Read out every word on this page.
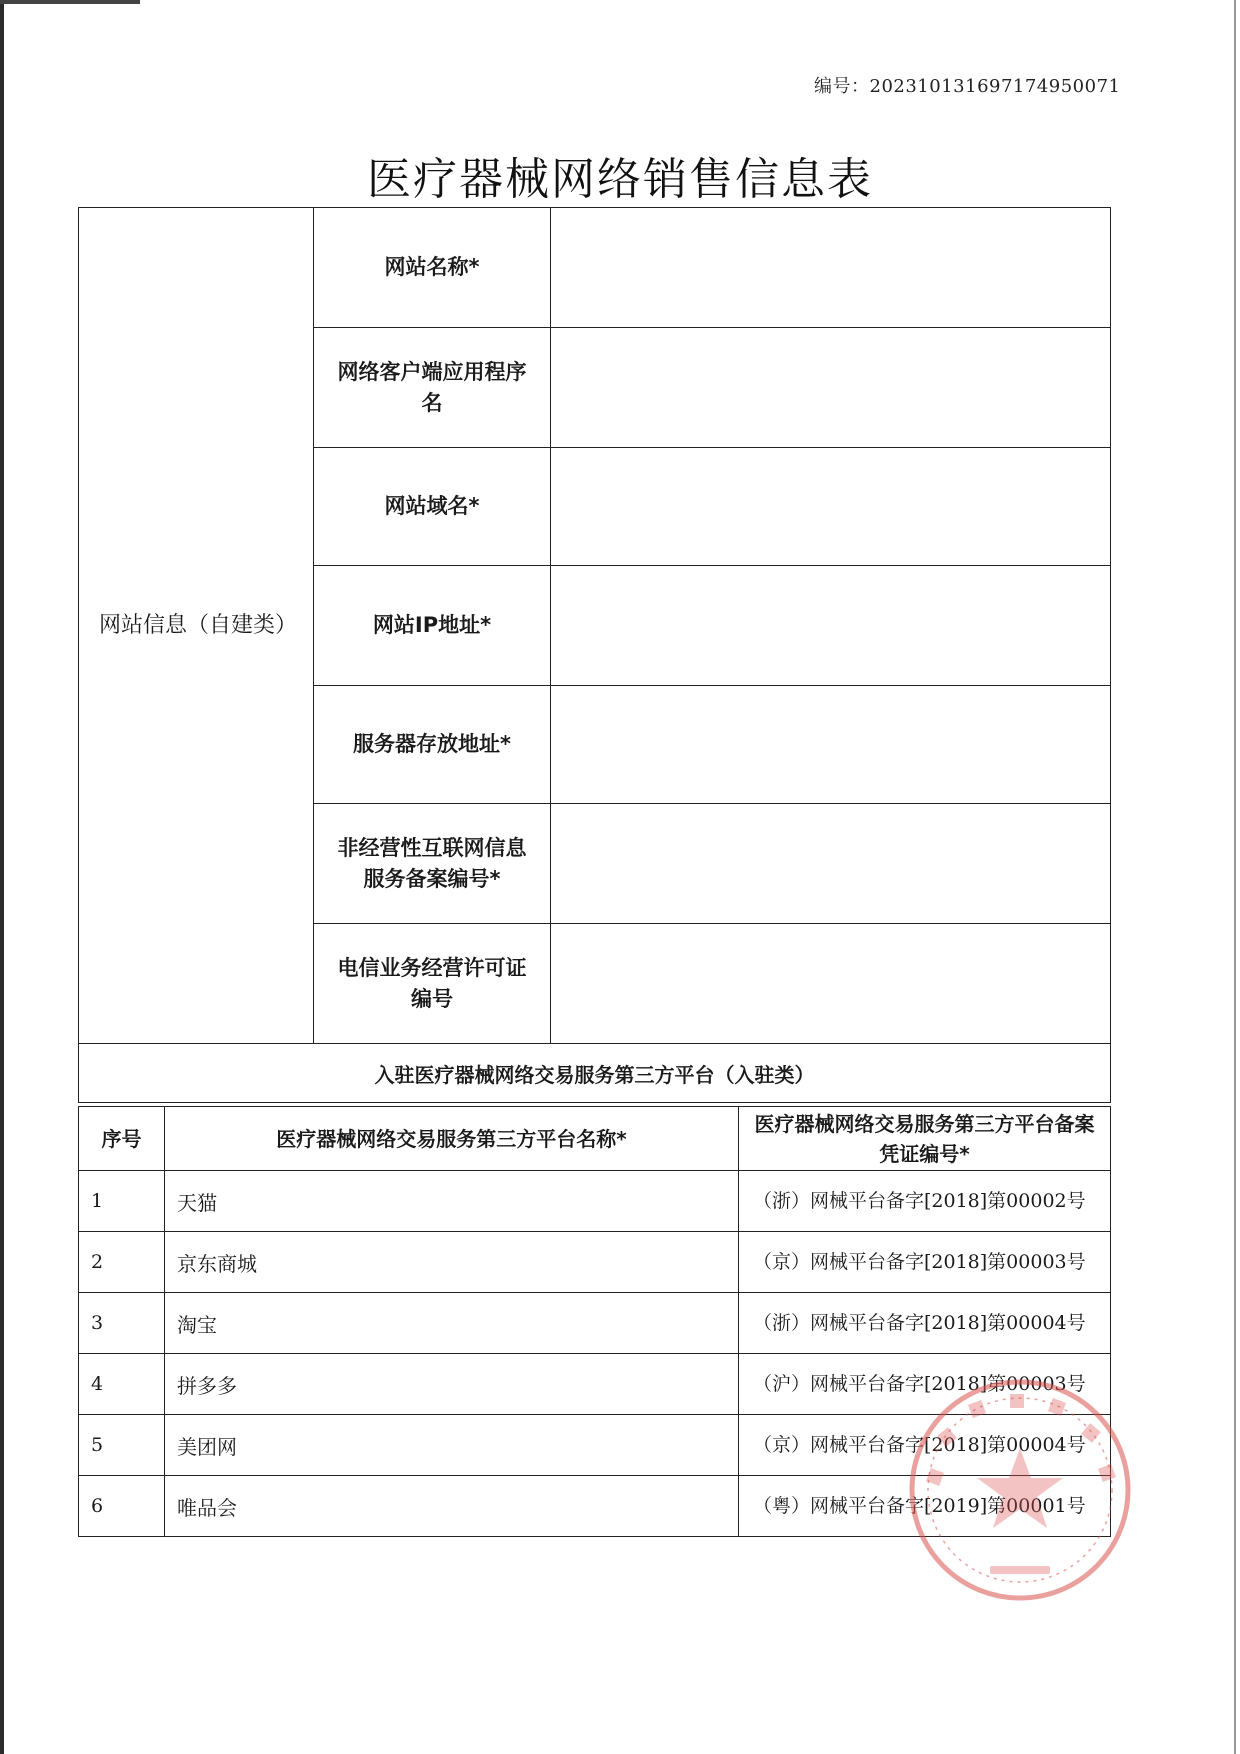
编号：2023101316971749500​71
医疗器械网络销售信息表
网站信息（自建类）	网站名称*	
	网络客户端应用程序名	
	网站域名*	
	网站IP地址*	
	服务器存放地址*	
	非经营性互联网信息服务备案编号*	
	电信业务经营许可证编号	
入驻医疗器械网络交易服务第三方平台（入驻类）		
序号	医疗器械网络交易服务第三方平台名称*	医疗器械网络交易服务第三方平台备案凭证编号*
1	天猫	（浙）网械平台备字[2018]第00002号
2	京东商城	（京）网械平台备字[2018]第00003号
3	淘宝	（浙）网械平台备字[2018]第00004号
4	拼多多	（沪）网械平台备字[2018]第00003号
5	美团网	（京）网械平台备字[2018]第00004号
6	唯品会	（粤）网械平台备字[2019]第00001号
